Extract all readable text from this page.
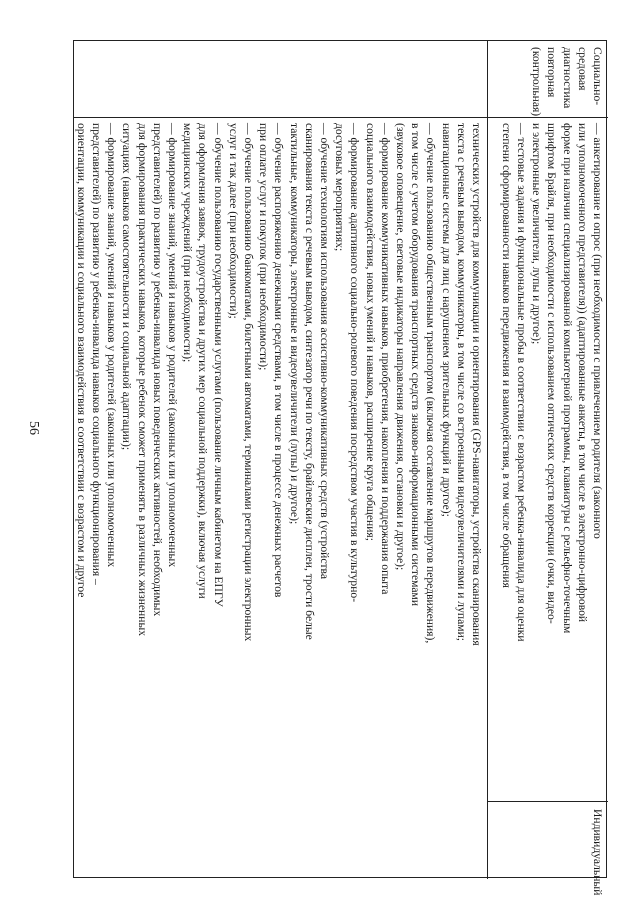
56	технических устройств для коммуникации и ориентирования (GPS-навигаторы, устройства сканирования
текста с речевым выводом, коммуникаторы, в том числе со встроенными видеоувеличителями и лупами;
навигационные системы для лиц с нарушением зрительных функций и другое);
— обучение пользованию общественным транспортом (включая составление маршрутов передвижения),
в том числе с учетом оборудования транспортных средств знаково-информационными системами
(звуковое оповещение, световые индикаторы направления движения, остановки и другое);
— формирование коммуникативных навыков, приобретения, накопления и поддержания опыта
социального взаимодействия, новых умений и навыков, расширение круга общения;
— формирование адаптивного социально-ролевого поведения посредством участия в культурно-
досуговых мероприятиях;
— обучение технологиям использования ассистивно-коммуникативных средств (устройства
сканирования текста с речевым выводом, синтезатор речи по тексту, брайлевские дисплеи, трости белые
тактильные, коммуникаторы, электронные и видеоувеличители (лупы) и другое);
— обучение распоряжению денежными средствами, в том числе в процессе денежных расчетов
при оплате услуг и покупок (при необходимости);
— обучение пользованию банкоматами, билетными автоматами, терминалами регистрации электронных
услуг и так далее (при необходимости);
— обучение пользованию государственными услугами (пользование личным кабинетом на ЕПГУ
для оформления заявок, трудоустройства и других мер социальной поддержки), включая услуги
медицинских учреждений (при необходимости);
— формирование знаний, умений и навыков у родителей (законных или уполномоченных
представителей) по развитию у ребенка-инвалида новых поведенческих активностей, необходимых
для формирования практических навыков, которые ребенок сможет применять в различных жизненных
ситуациях (навыков самостоятельности и социальной адаптации);
— формирование знаний, умений и навыков у родителей (законных или уполномоченных
представителей) по развитию у ребенка-инвалида навыков социального функционирования –
ориентации, коммуникации и социального взаимодействия в соответствии с возрастом и другое
Социально-
средовая
диагностика
повторная
(контрольная)
— анкетирование и опрос (при необходимости с привлечением родителя (законного
или уполномоченного представителя)) (адаптированные анкеты, в том числе в электронно-цифровой
форме при наличии специализированной компьютерной программы, клавиатуры с рельефно-точечным
шрифтом Брайля, при необходимости с использованием оптических средств коррекции (очки, видео-
и электронные увеличители, лупы и другое);
— тестовые задания и функциональные пробы в соответствии с возрастом ребенка-инвалида для оценки
степени сформированности навыков передвижения и взаимодействия, в том числе обращения
Индивидуальный
